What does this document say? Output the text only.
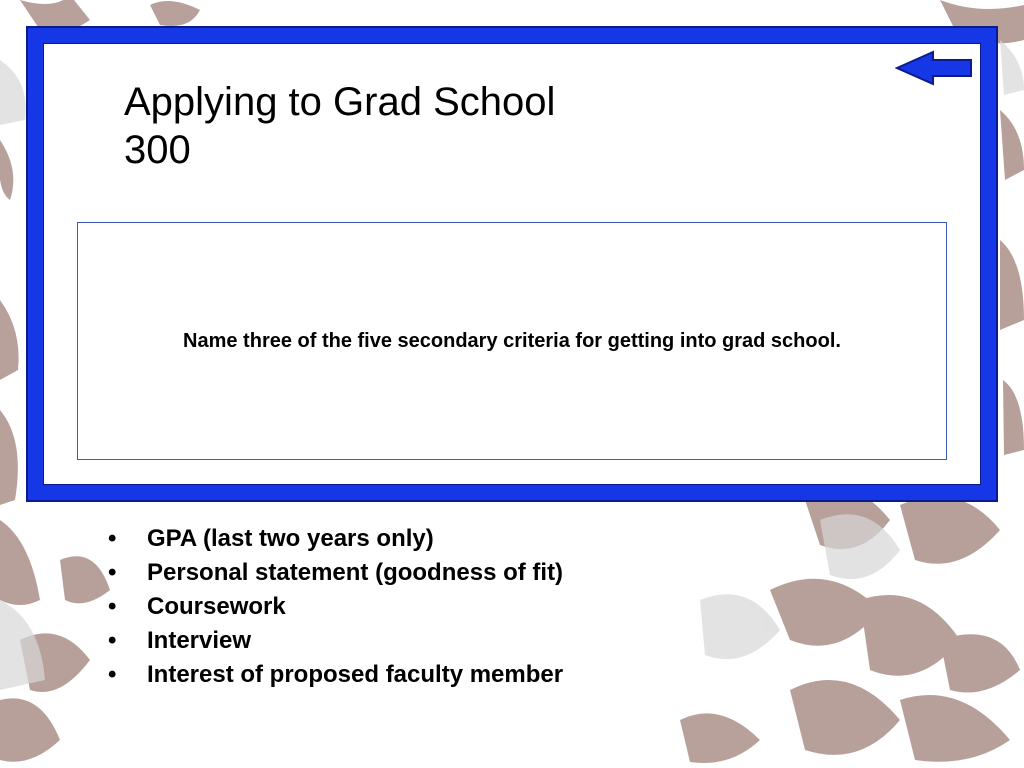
Applying to Grad School
300
Name three of the five secondary criteria for getting into grad school.
•	GPA (last two years only)
•	Personal statement (goodness of fit)
•	Coursework
•	Interview
•	Interest of proposed faculty member
